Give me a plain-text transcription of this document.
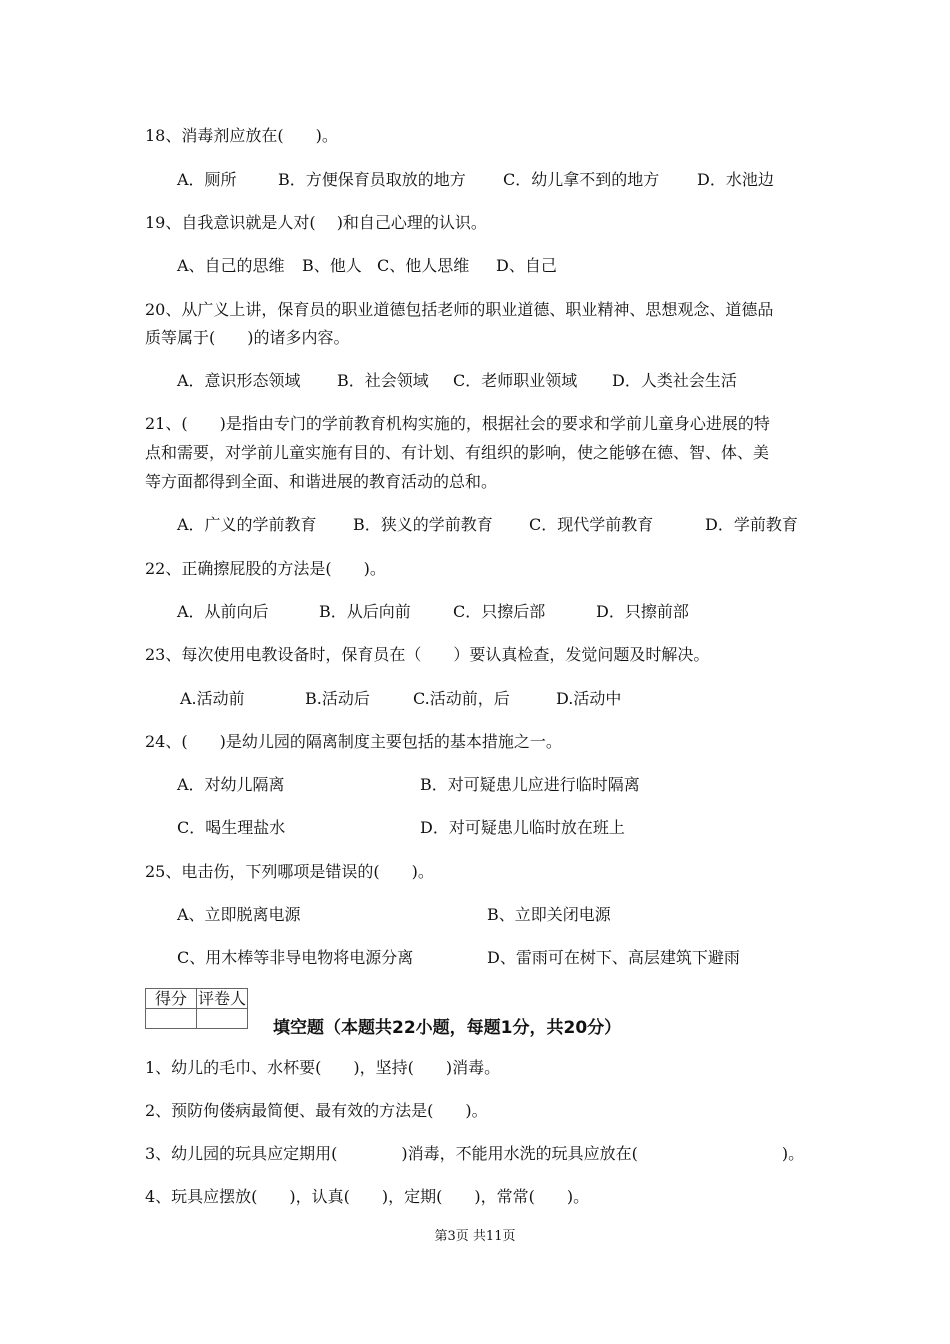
18、消毒剂应放在(　　)。
A．厕所	B．方便保育员取放的地方 C．幼儿拿不到的地方 D．水池边
19、自我意识就是人对(　 )和自己心理的认识。
A、自己的思维 B、他人 C、他人思维 D、自己
20、从广义上讲，保育员的职业道德包括老师的职业道德、职业精神、思想观念、道德品
质等属于(　　)的诸多内容。
A．意识形态领域 B．社会领域 C．老师职业领域 D．人类社会生活
21、(　　)是指由专门的学前教育机构实施的，根据社会的要求和学前儿童身心进展的特
点和需要，对学前儿童实施有目的、有计划、有组织的影响，使之能够在德、智、体、美
等方面都得到全面、和谐进展的教育活动的总和。
A．广义的学前教育 B．狭义的学前教育 C．现代学前教育	D．学前教育
22、正确擦屁股的方法是(　　)。
A．从前向后	B．从后向前	C．只擦后部	D．只擦前部
23、每次使用电教设备时，保育员在（　　）要认真检查，发觉问题及时解决。
A.活动前	B.活动后	C.活动前，后	D.活动中
24、(　　)是幼儿园的隔离制度主要包括的基本措施之一。
A．对幼儿隔离	B．对可疑患儿应进行临时隔离
C．喝生理盐水	D．对可疑患儿临时放在班上
25、电击伤，下列哪项是错误的(　　)。
A、立即脱离电源	B、立即关闭电源
C、用木棒等非导电物将电源分离	D、雷雨可在树下、高层建筑下避雨
得分	评卷人

填空题（本题共22小题，每题1分，共20分）
1、幼儿的毛巾、水杯要(　　)，坚持(　　)消毒。
2、预防佝偻病最简便、最有效的方法是(　　)。
3、幼儿园的玩具应定期用(　　　　)消毒，不能用水洗的玩具应放在(　　　　　　　　　)。
4、玩具应摆放(　　)，认真(　　)，定期(　　)，常常(　　)。
第3页 共11页
